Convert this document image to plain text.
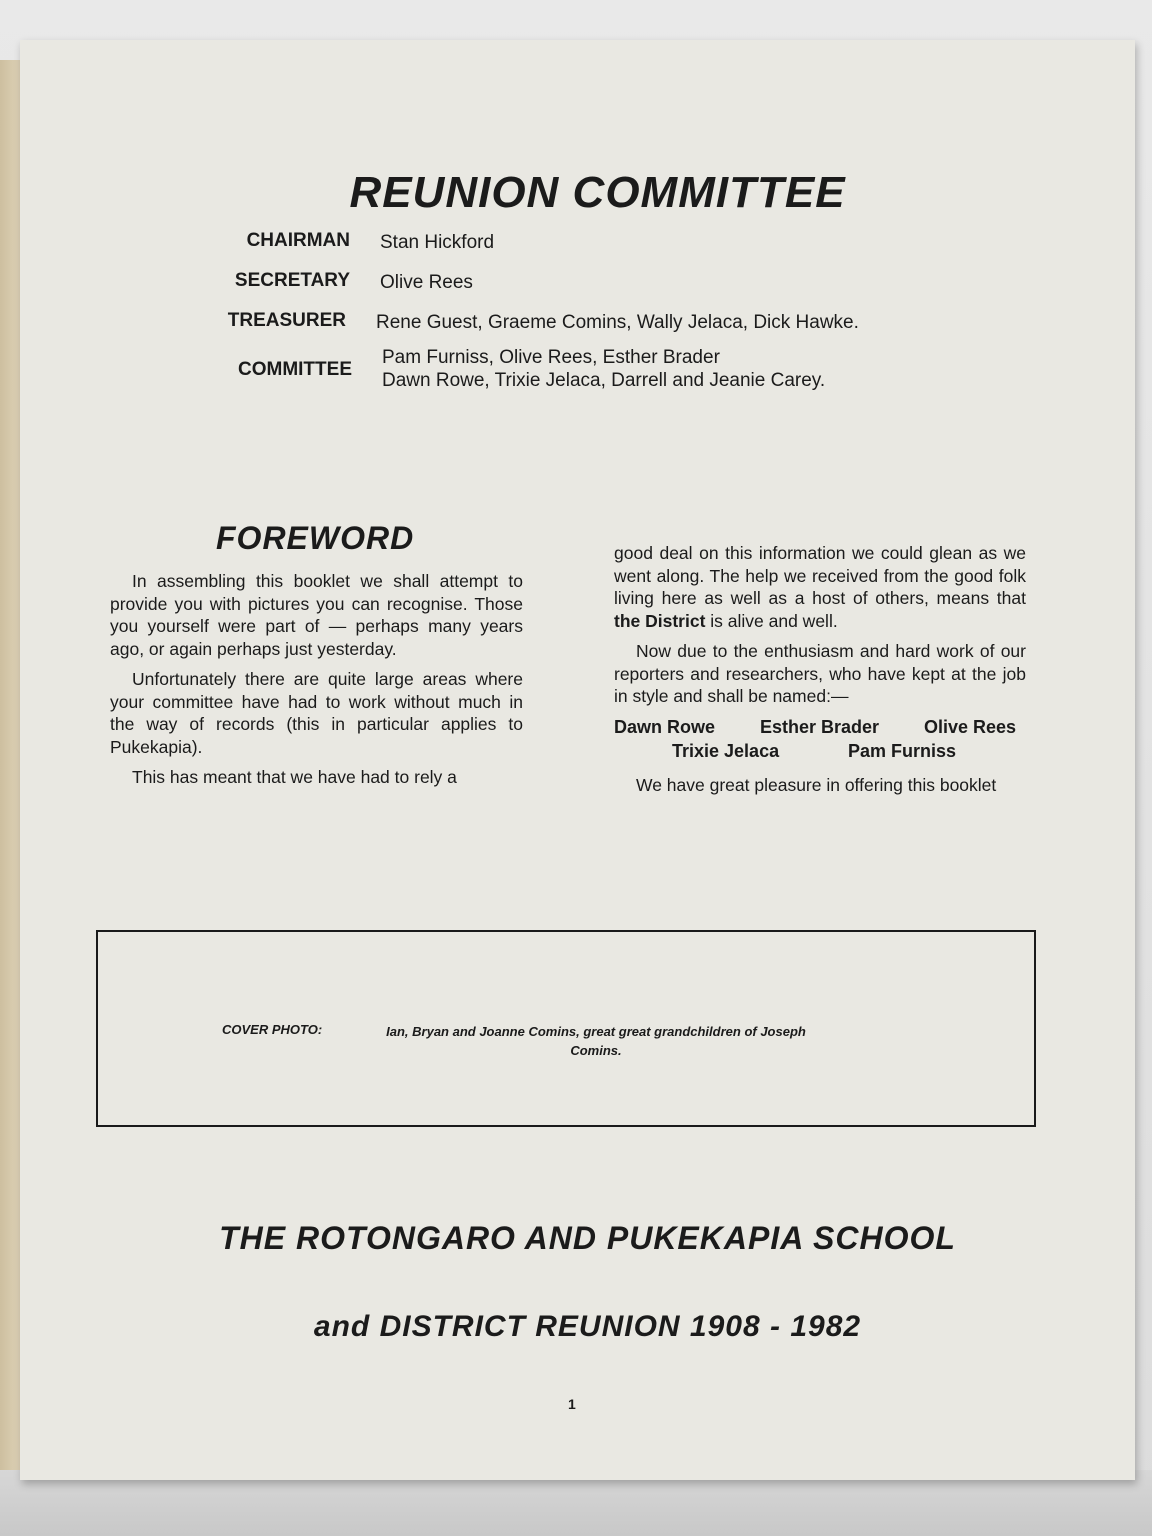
REUNION COMMITTEE
CHAIRMAN Stan Hickford
SECRETARY Olive Rees
TREASURER Rene Guest, Graeme Comins, Wally Jelaca, Dick Hawke.
COMMITTEE
Pam Furniss, Olive Rees, Esther Brader
Dawn Rowe, Trixie Jelaca, Darrell and Jeanie Carey.
FOREWORD

In assembling this booklet we shall attempt to provide you with pictures you can recognise. Those you yourself were part of — perhaps many years ago, or again perhaps just yesterday.

Unfortunately there are quite large areas where your committee have had to work without much in the way of records (this in particular applies to Pukekapia).

This has meant that we have had to rely a

good deal on this information we could glean as we went along. The help we received from the good folk living here as well as a host of others, means that the District is alive and well.

Now due to the enthusiasm and hard work of our reporters and researchers, who have kept at the job in style and shall be named:—

Dawn Rowe Esther Brader Olive Rees
Trixie Jelaca	Pam Furniss

We have great pleasure in offering this booklet

COVER PHOTO:	Ian, Bryan and Joanne Comins, great great grandchildren of Joseph Comins.
THE ROTONGARO AND PUKEKAPIA SCHOOL
and DISTRICT REUNION 1908 - 1982
1
